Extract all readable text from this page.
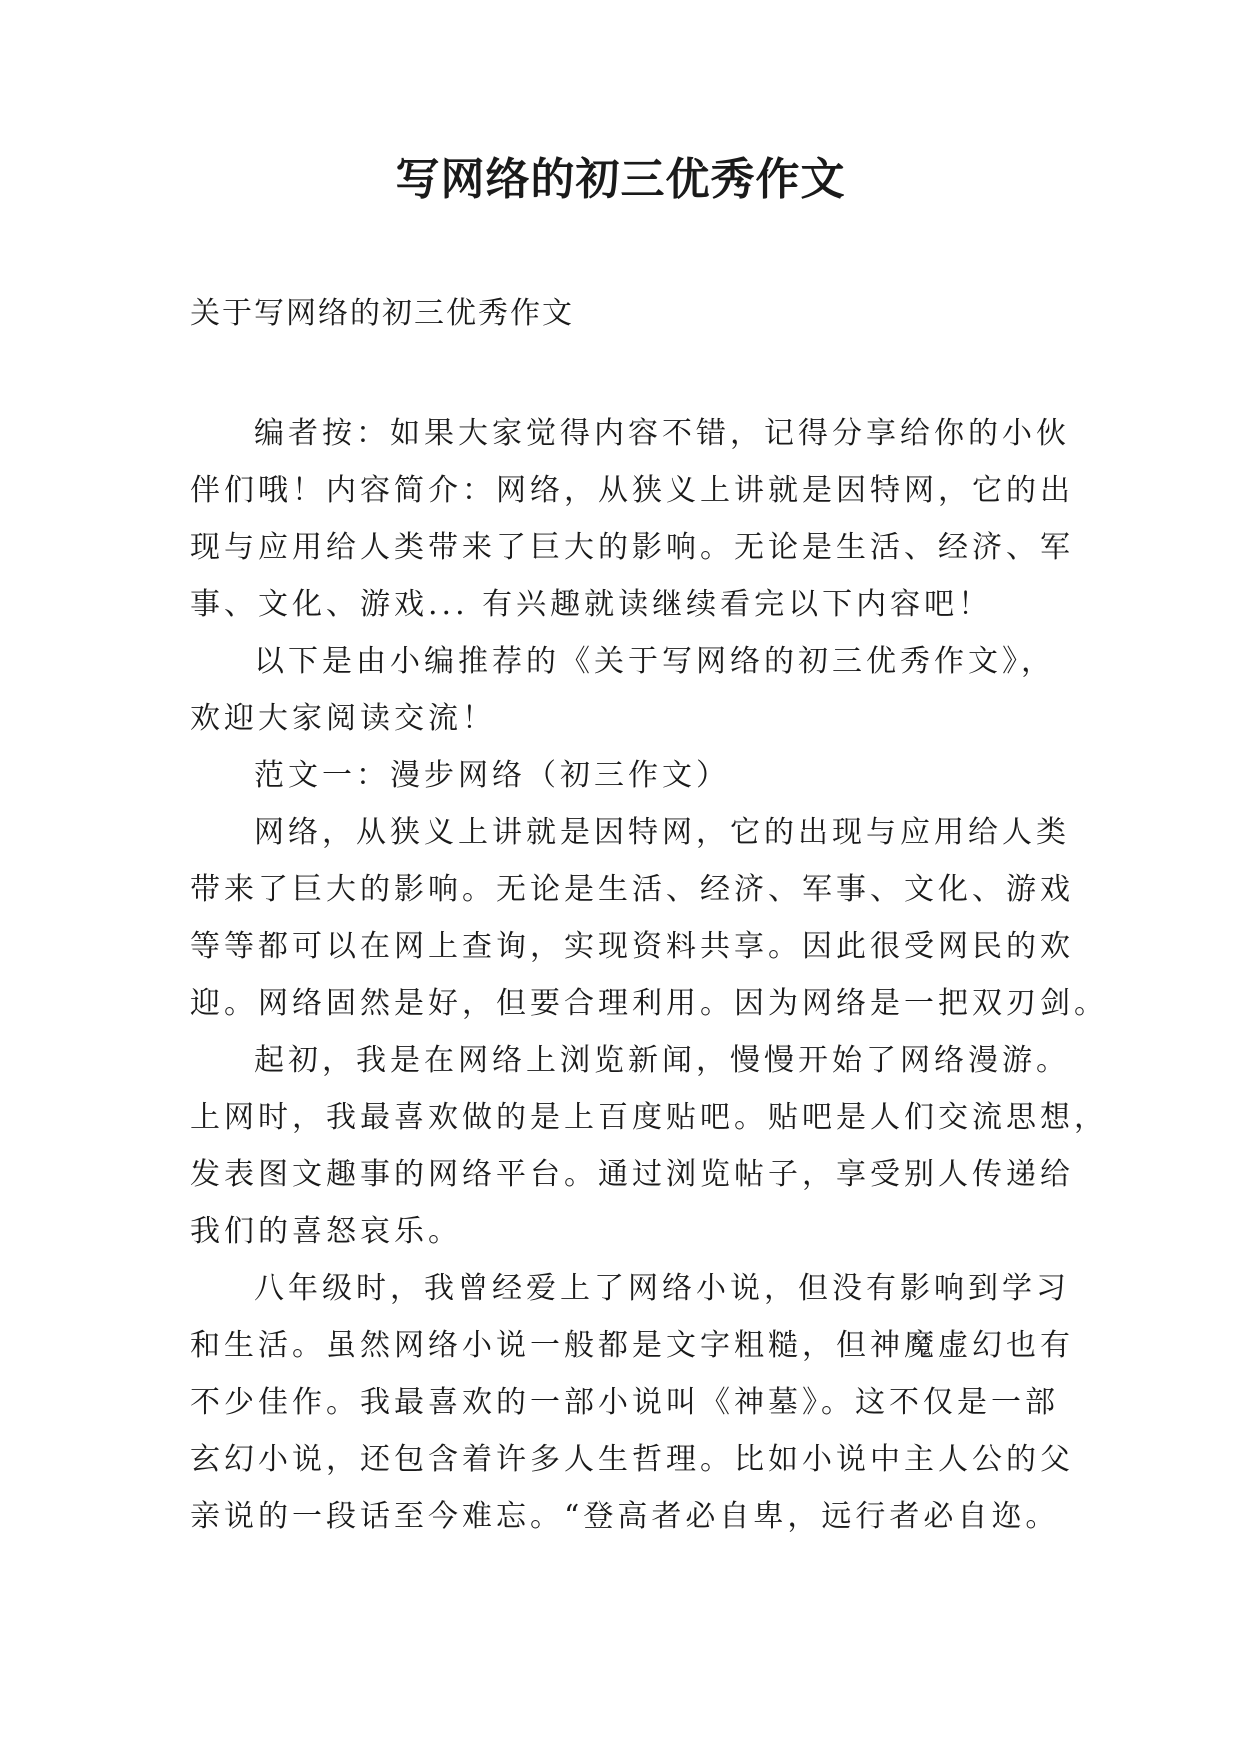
写网络的初三优秀作文

关于写网络的初三优秀作文

编者按：如果大家觉得内容不错，记得分享给你的小伙
伴们哦！内容简介：网络，从狭义上讲就是因特网，它的出
现与应用给人类带来了巨大的影响。无论是生活、经济、军
事、文化、游戏... 有兴趣就读继续看完以下内容吧！
以下是由小编推荐的《关于写网络的初三优秀作文》，
欢迎大家阅读交流！
范文一：漫步网络（初三作文）
网络，从狭义上讲就是因特网，它的出现与应用给人类
带来了巨大的影响。无论是生活、经济、军事、文化、游戏
等等都可以在网上查询，实现资料共享。因此很受网民的欢
迎。网络固然是好，但要合理利用。因为网络是一把双刃剑。
起初，我是在网络上浏览新闻，慢慢开始了网络漫游。
上网时，我最喜欢做的是上百度贴吧。贴吧是人们交流思想，
发表图文趣事的网络平台。通过浏览帖子，享受别人传递给
我们的喜怒哀乐。
八年级时，我曾经爱上了网络小说，但没有影响到学习
和生活。虽然网络小说一般都是文字粗糙，但神魔虚幻也有
不少佳作。我最喜欢的一部小说叫《神墓》。这不仅是一部
玄幻小说，还包含着许多人生哲理。比如小说中主人公的父
亲说的一段话至今难忘。“登高者必自卑，远行者必自迩。
